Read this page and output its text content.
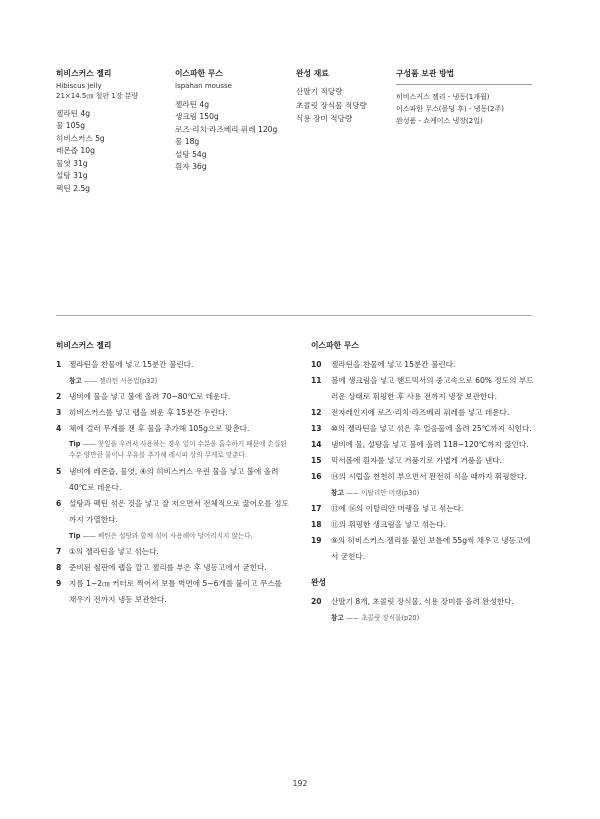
히비스커스 젤리
Hibiscus jelly
21×14.5㎝ 철판 1장 분량
젤라틴 4g
물 105g
히비스커스 5g
레몬즙 10g
물엿 31g
설탕 31g
펙틴 2.5g
이스파한 무스
Ispahan mousse
젤라틴 4g
생크림 150g
로즈·리치·라즈베리 퓌레 120g
물 18g
설탕 54g
흰자 36g
완성 재료
산딸기 적당량
초콜릿 장식물 적당량
식용 장미 적당량
구성품 보관 방법
히비스커스 젤리 - 냉동(1개월)
이스파한 무스(몰딩 후) - 냉동(2주)
완성품 - 쇼케이스 냉장(2일)
히비스커스 젤리
1 젤라틴을 찬물에 넣고 15분간 불린다.
참고 —— 젤라틴 사용법(p32)
2 냄비에 물을 넣고 불에 올려 70~80℃로 데운다.
3 히비스커스를 넣고 랩을 씌운 후 15분간 우린다.
4 체에 걸러 무게를 잰 후 물을 추가해 105g으로 맞춘다.
Tip —— 찻잎을 우려서 사용하는 경우 잎이 수분을 흡수하기 때문에 손실된 수분 양만큼 물이나 우유를 추가해 레시피 상의 무게로 맞춘다.
5 냄비에 레몬즙, 물엿, ④의 히비스커스 우린 물을 넣고 불에 올려 40℃로 데운다.
6 설탕과 펙틴 섞은 것을 넣고 잘 저으면서 전체적으로 끓어오를 정도까지 가열한다.
Tip —— 펙틴은 설탕과 함께 섞어 사용해야 덩어리지지 않는다.
7 ①의 젤라틴을 넣고 섞는다.
8 준비된 철판에 랩을 깔고 젤리를 부은 후 냉동고에서 굳힌다.
9 지름 1~2㎝ 커터로 찍어서 보틀 벽면에 5~6개를 붙이고 무스를 채우기 전까지 냉동 보관한다.
이스파한 무스
10 젤라틴을 찬물에 넣고 15분간 불린다.
11 볼에 생크림을 넣고 핸드믹서의 중고속으로 60% 정도의 부드러운 상태로 휘핑한 후 사용 전까지 냉장 보관한다.
12 전자레인지에 로즈·리치·라즈베리 퓌레를 넣고 데운다.
13 ⑩의 젤라틴을 넣고 섞은 후 얼음물에 올려 25℃까지 식힌다.
14 냄비에 물, 설탕을 넣고 불에 올려 118~120℃까지 끓인다.
15 믹서볼에 흰자를 넣고 거품기로 가볍게 거품을 낸다.
16 ⑭의 시럽을 천천히 부으면서 완전히 식을 때까지 휘핑한다.
참고 —— 이탈리안 머랭(p30)
17 ⑬에 ⑯의 이탈리안 머랭을 넣고 섞는다.
18 ⑪의 휘핑한 생크림을 넣고 섞는다.
19 ⑨의 히비스커스 젤리를 붙인 보틀에 55g씩 채우고 냉동고에서 굳힌다.
완성
20 산딸기 8개, 초콜릿 장식물, 식용 장미를 올려 완성한다.
참고 —— 초콜릿 장식물(p20)
192
